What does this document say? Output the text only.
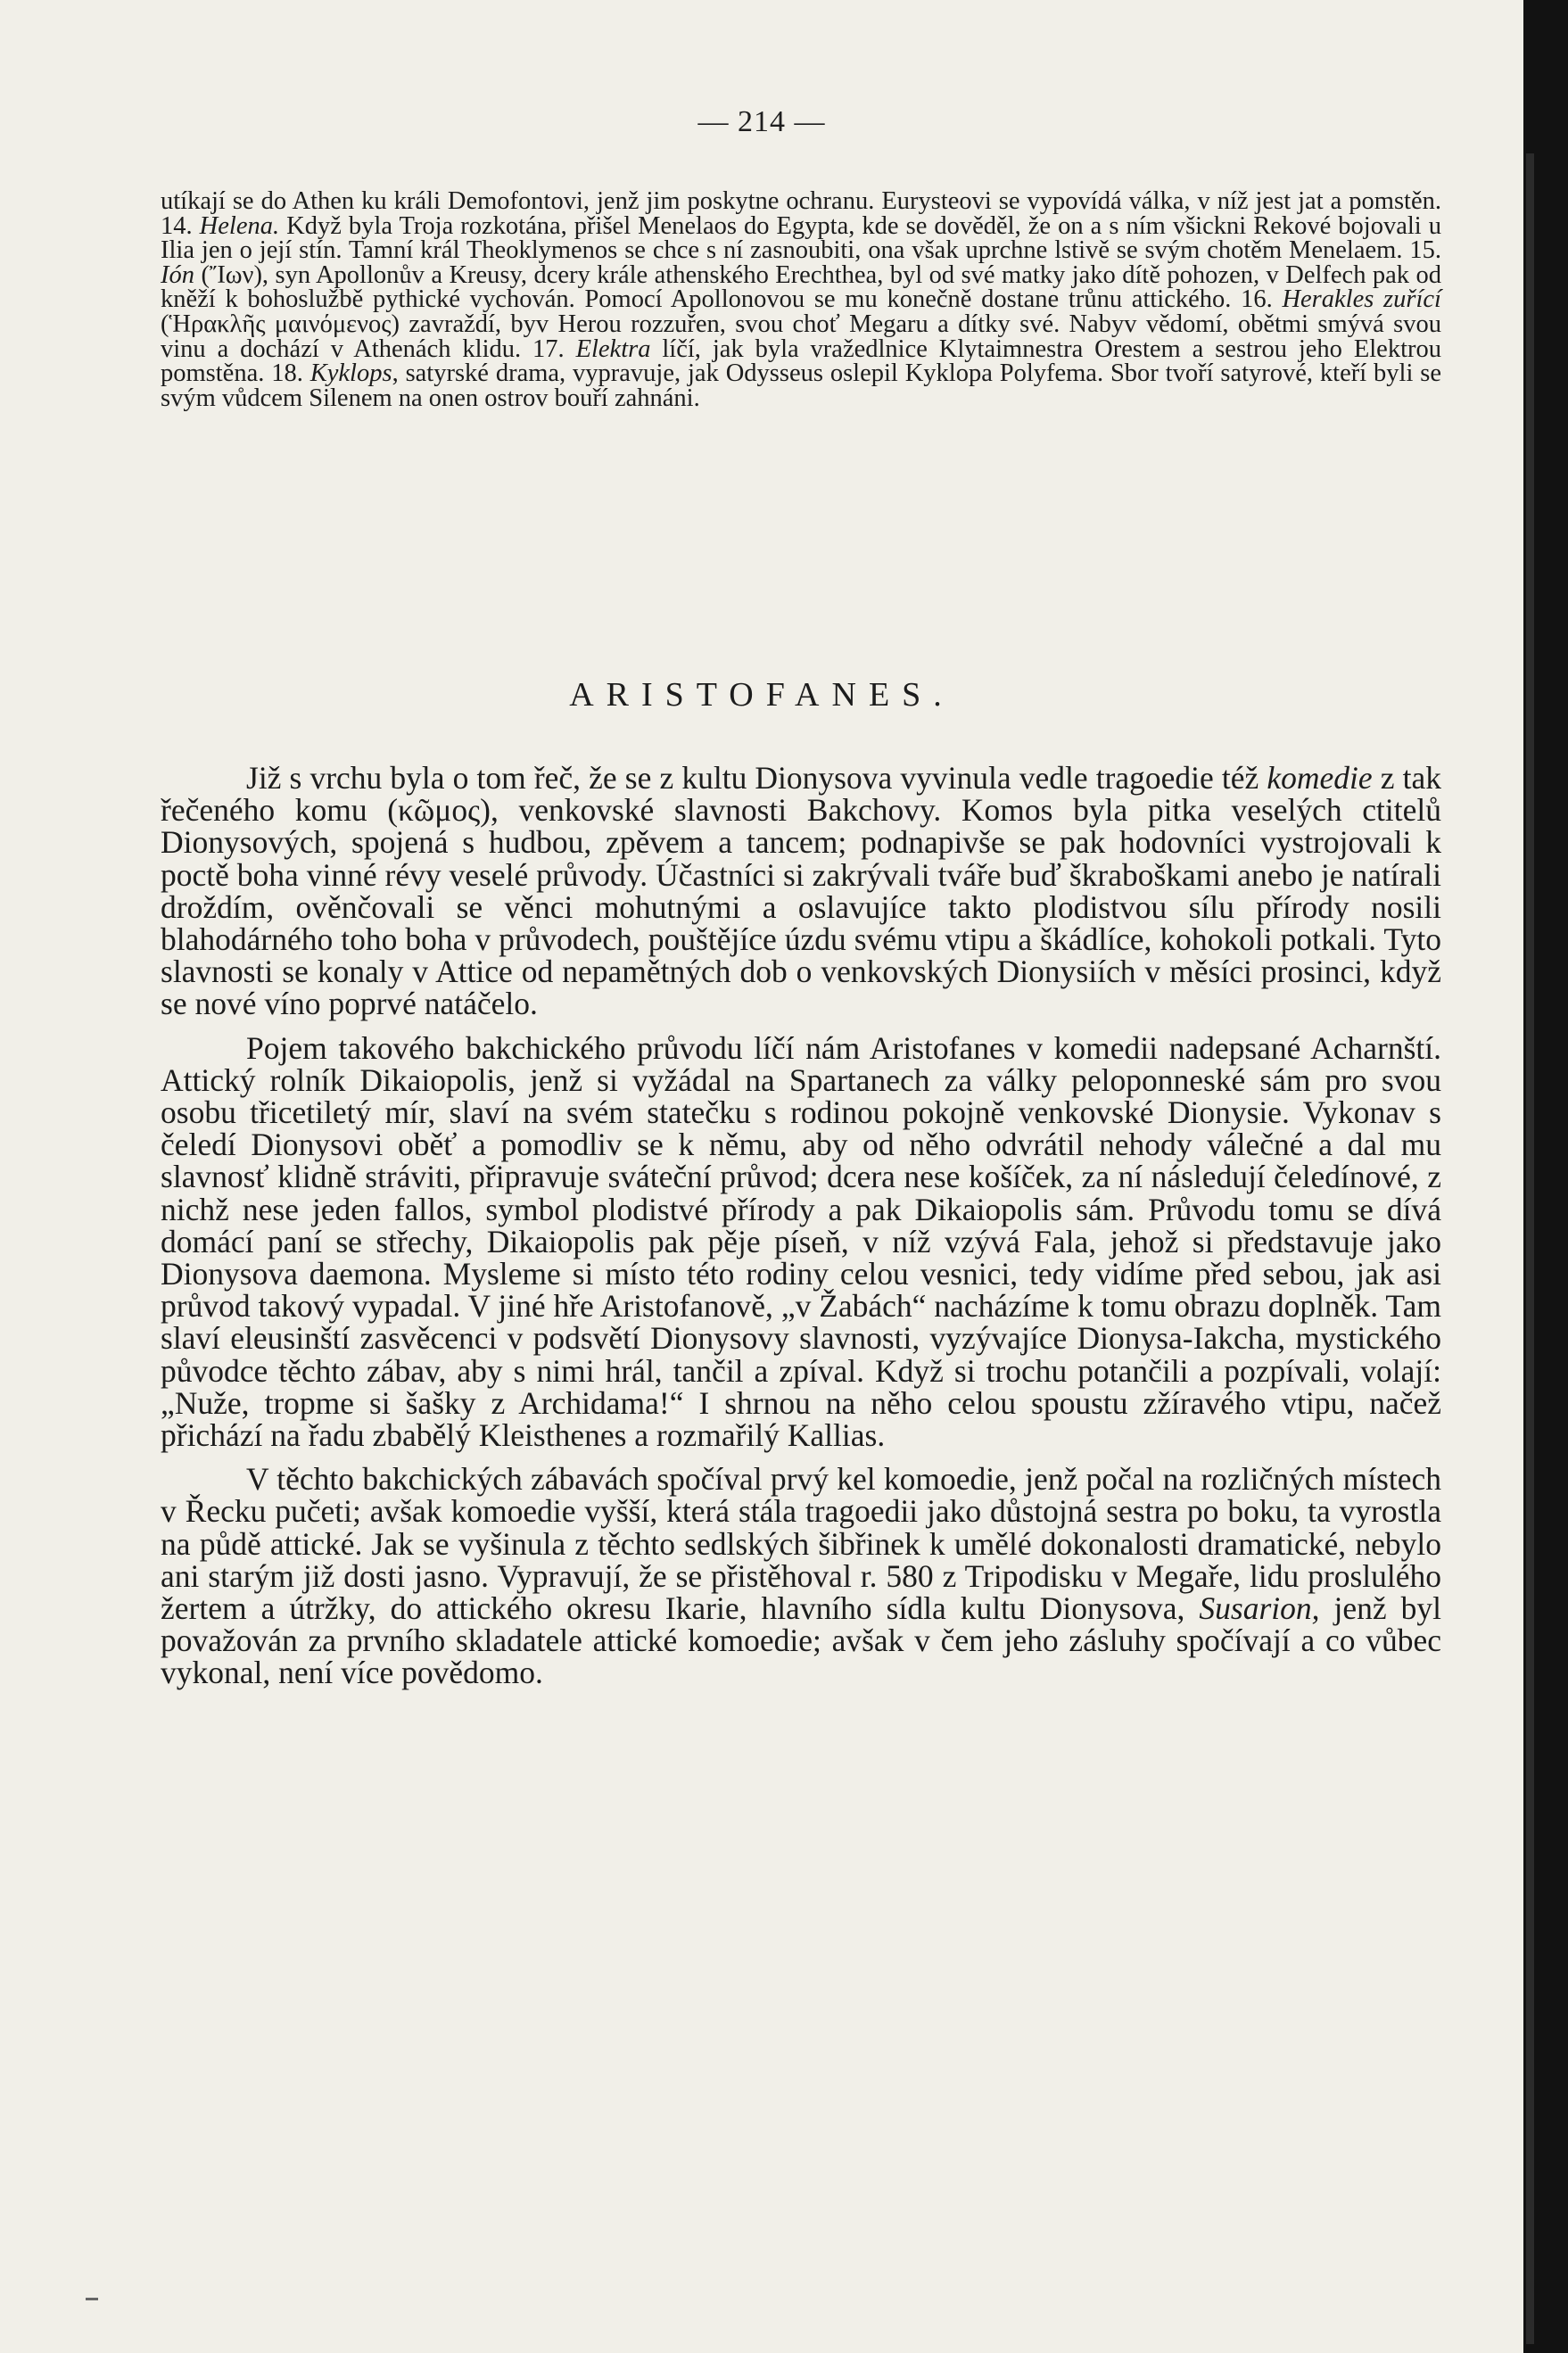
— 214 —

utíkají se do Athen ku králi Demofontovi, jenž jim poskytne ochranu. Eurysteovi se vypovídá válka, v níž jest jat a pomstěn. 14. Helena. Když byla Troja rozkotána, přišel Menelaos do Egypta, kde se dověděl, že on a s ním všickni Rekové bojovali u Ilia jen o její stín. Tamní král Theoklymenos se chce s ní zasnoubiti, ona však uprchne lstivě se svým chotěm Menelaem. 15. Ión (Ἴων), syn Apollonův a Kreusy, dcery krále athenského Erechthea, byl od své matky jako dítě pohozen, v Delfech pak od kněží k bohoslužbě pythické vychován. Pomocí Apollonovou se mu konečně dostane trůnu attického. 16. Herakles zuřící (Ἡρακλῆς μαινόμενος) zavraždí, byv Herou rozzuřen, svou choť Megaru a dítky své. Nabyv vědomí, obětmi smývá svou vinu a dochází v Athenách klidu. 17. Elektra líčí, jak byla vražedlnice Klytaimnestra Orestem a sestrou jeho Elektrou pomstěna. 18. Kyklops, satyrské drama, vypravuje, jak Odysseus oslepil Kyklopa Polyfema. Sbor tvoří satyrové, kteří byli se svým vůdcem Silenem na onen ostrov bouří zahnáni.

ARISTOFANES.

Již s vrchu byla o tom řeč, že se z kultu Dionysova vyvinula vedle tragoedie též komedie z tak řečeného komu (κῶμος), venkovské slavnosti Bakchovy. Komos byla pitka veselých ctitelů Dionysových, spojená s hudbou, zpěvem a tancem; podnapivše se pak hodovníci vystrojovali k poctě boha vinné révy veselé průvody. Účastníci si zakrývali tváře buď škraboškami anebo je natírali droždím, ověnčovali se věnci mohutnými a oslavujíce takto plodistvou sílu přírody nosili blahodárného toho boha v průvodech, pouštějíce úzdu svému vtipu a škádlíce, kohokoli potkali. Tyto slavnosti se konaly v Attice od nepamětných dob o venkovských Dionysiích v měsíci prosinci, když se nové víno poprvé natáčelo.

Pojem takového bakchického průvodu líčí nám Aristofanes v komedii nadepsané Acharnští. Attický rolník Dikaiopolis, jenž si vyžádal na Spartanech za války peloponneské sám pro svou osobu třicetiletý mír, slaví na svém statečku s rodinou pokojně venkovské Dionysie. Vykonav s čeledí Dionysovi oběť a pomodliv se k němu, aby od něho odvrátil nehody válečné a dal mu slavnosť klidně stráviti, připravuje sváteční průvod; dcera nese košíček, za ní následují čeledínové, z nichž nese jeden fallos, symbol plodistvé přírody a pak Dikaiopolis sám. Průvodu tomu se dívá domácí paní se střechy, Dikaiopolis pak pěje píseň, v níž vzývá Fala, jehož si představuje jako Dionysova daemona. Mysleme si místo této rodiny celou vesnici, tedy vidíme před sebou, jak asi průvod takový vypadal. V jiné hře Aristofanově, „v Žabách“ nacházíme k tomu obrazu doplněk. Tam slaví eleusinští zasvěcenci v podsvětí Dionysovy slavnosti, vyzývajíce Dionysa-Iakcha, mystického původce těchto zábav, aby s nimi hrál, tančil a zpíval. Když si trochu potančili a pozpívali, volají: „Nuže, tropme si šašky z Archidama!“ I shrnou na něho celou spoustu zžíravého vtipu, načež přichází na řadu zbabělý Kleisthenes a rozmařilý Kallias.

V těchto bakchických zábavách spočíval prvý kel komoedie, jenž počal na rozličných místech v Řecku pučeti; avšak komoedie vyšší, která stála tragoedii jako důstojná sestra po boku, ta vyrostla na půdě attické. Jak se vyšinula z těchto sedlských šibřinek k umělé dokonalosti dramatické, nebylo ani starým již dosti jasno. Vypravují, že se přistěhoval r. 580 z Tripodisku v Megaře, lidu proslulého žertem a útržky, do attického okresu Ikarie, hlavního sídla kultu Dionysova, Susarion, jenž byl považován za prvního skladatele attické komoedie; avšak v čem jeho zásluhy spočívají a co vůbec vykonal, není více povědomo.
